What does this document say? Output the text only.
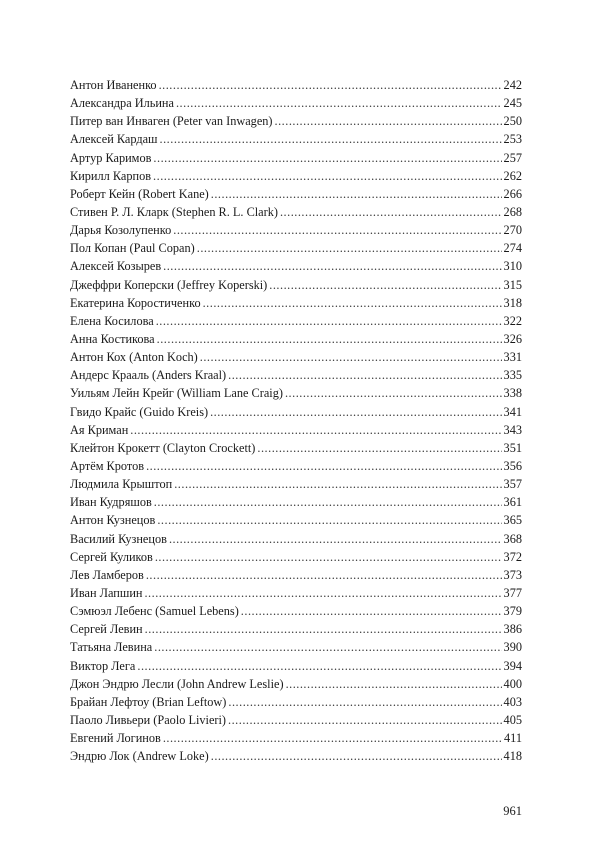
Антон Иваненко .....	242
Александра Ильина .....	245
Питер ван Инваген (Peter van Inwagen) .....	250
Алексей Кардаш .....	253
Артур Каримов .....	257
Кирилл Карпов .....	262
Роберт Кейн (Robert Kane) .....	266
Стивен Р. Л. Кларк (Stephen R. L. Clark) .....	268
Дарья Козолупенко .....	270
Пол Копан (Paul Copan) .....	274
Алексей Козырев .....	310
Джеффри Коперски (Jeffrey Koperski) .....	315
Екатерина Коростиченко .....	318
Елена Косилова .....	322
Анна Костикова .....	326
Антон Кох (Anton Koch) .....	331
Андерс Крааль (Anders Kraal) .....	335
Уильям Лейн Крейг (William Lane Craig) .....	338
Гвидо Крайс (Guido Kreis) .....	341
Ая Криман .....	343
Клейтон Крокетт (Clayton Crockett) .....	351
Артём Кротов .....	356
Людмила Крыштоп .....	357
Иван Кудряшов .....	361
Антон Кузнецов .....	365
Василий Кузнецов .....	368
Сергей Куликов .....	372
Лев Ламберов .....	373
Иван Лапшин .....	377
Сэмюэл Лебенс (Samuel Lebens) .....	379
Сергей Левин .....	386
Татьяна Левина .....	390
Виктор Лега .....	394
Джон Эндрю Лесли (John Andrew Leslie) .....	400
Брайан Лефтоу (Brian Leftow) .....	403
Паоло Ливьери (Paolo Livieri) .....	405
Евгений Логинов .....	411
Эндрю Лок (Andrew Loke) .....	418
961
